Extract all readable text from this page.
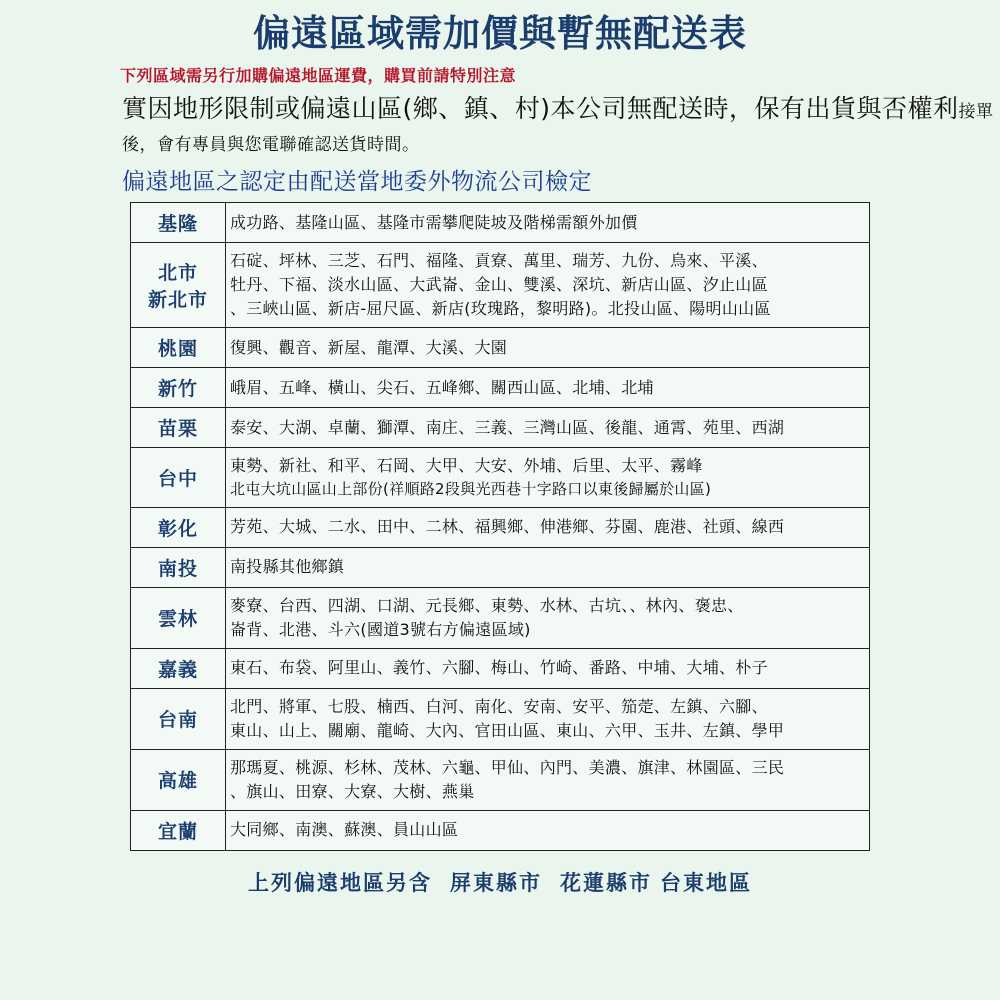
偏遠區域需加價與暫無配送表
下列區域需另行加購偏遠地區運費，購買前請特別注意
實因地形限制或偏遠山區(鄉、鎮、村)本公司無配送時，保有出貨與否權利接單後，會有專員與您電聯確認送貨時間。
偏遠地區之認定由配送當地委外物流公司檢定
基隆	成功路、基隆山區、基隆市需攀爬陡坡及階梯需額外加價

北市
新北市	石碇、坪林、三芝、石門、福隆、貢寮、萬里、瑞芳、九份、烏來、平溪、
牡丹、下福、淡水山區、大武崙、金山、雙溪、深坑、新店山區、汐止山區
、三峽山區、新店-屈尺區、新店(玫瑰路，黎明路)。北投山區、陽明山山區

桃園	復興、觀音、新屋、龍潭、大溪、大園

新竹	峨眉、五峰、橫山、尖石、五峰鄉、關西山區、北埔、北埔

苗栗	泰安、大湖、卓蘭、獅潭、南庄、三義、三灣山區、後龍、通霄、苑里、西湖

台中	東勢、新社、和平、石岡、大甲、大安、外埔、后里、太平、霧峰
北屯大坑山區山上部份(祥順路2段與光西巷十字路口以東後歸屬於山區)

彰化	芳苑、大城、二水、田中、二林、福興鄉、伸港鄉、芬園、鹿港、社頭、線西

南投	南投縣其他鄉鎮

雲林	麥寮、台西、四湖、口湖、元長鄉、東勢、水林、古坑、、林內、褒忠、
崙背、北港、斗六(國道3號右方偏遠區域)

嘉義	東石、布袋、阿里山、義竹、六腳、梅山、竹崎、番路、中埔、大埔、朴子

台南	北門、將軍、七股、楠西、白河、南化、安南、安平、笳萣、左鎮、六腳、
東山、山上、關廟、龍崎、大內、官田山區、東山、六甲、玉井、左鎮、學甲

高雄	那瑪夏、桃源、杉林、茂林、六龜、甲仙、內門、美濃、旗津、林園區、三民
、旗山、田寮、大寮、大樹、燕巢

宜蘭	大同鄉、南澳、蘇澳、員山山區
上列偏遠地區另含 屏東縣市 花蓮縣市 台東地區
